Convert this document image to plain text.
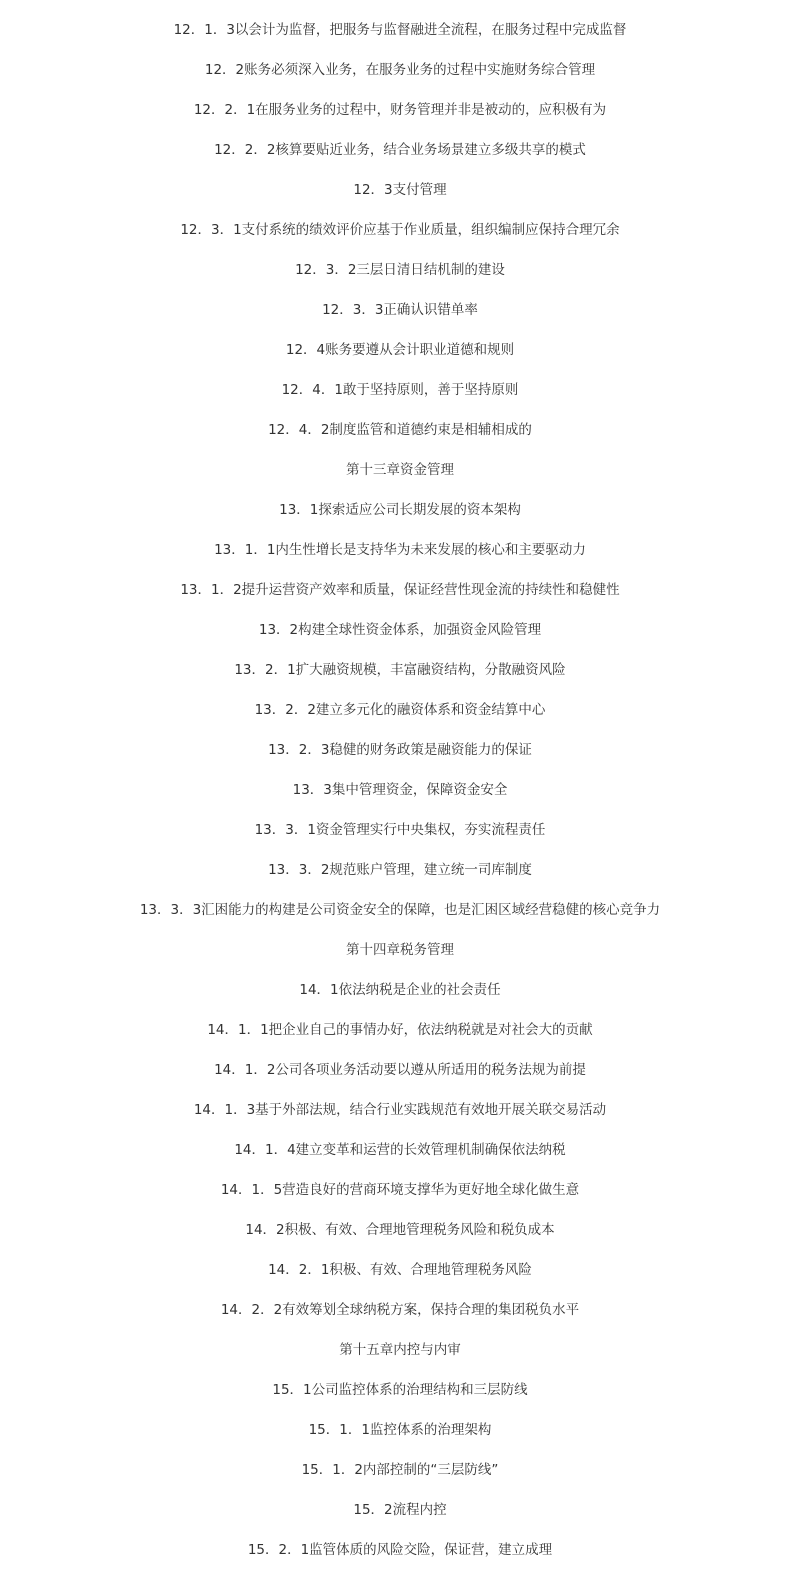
12．1．3以会计为监督，把服务与监督融进全流程，在服务过程中完成监督
12．2账务必须深入业务，在服务业务的过程中实施财务综合管理
12．2．1在服务业务的过程中，财务管理并非是被动的，应积极有为
12．2．2核算要贴近业务，结合业务场景建立多级共享的模式
12．3支付管理
12．3．1支付系统的绩效评价应基于作业质量，组织编制应保持合理冗余
12．3．2三层日清日结机制的建设
12．3．3正确认识错单率
12．4账务要遵从会计职业道德和规则
12．4．1敢于坚持原则，善于坚持原则
12．4．2制度监管和道德约束是相辅相成的
第十三章资金管理
13．1探索适应公司长期发展的资本架构
13．1．1内生性增长是支持华为未来发展的核心和主要驱动力
13．1．2提升运营资产效率和质量，保证经营性现金流的持续性和稳健性
13．2构建全球性资金体系，加强资金风险管理
13．2．1扩大融资规模，丰富融资结构，分散融资风险
13．2．2建立多元化的融资体系和资金结算中心
13．2．3稳健的财务政策是融资能力的保证
13．3集中管理资金，保障资金安全
13．3．1资金管理实行中央集权，夯实流程责任
13．3．2规范账户管理，建立统一司库制度
13．3．3汇困能力的构建是公司资金安全的保障，也是汇困区域经营稳健的核心竞争力
第十四章税务管理
14．1依法纳税是企业的社会责任
14．1．1把企业自己的事情办好，依法纳税就是对社会大的贡献
14．1．2公司各项业务活动要以遵从所适用的税务法规为前提
14．1．3基于外部法规，结合行业实践规范有效地开展关联交易活动
14．1．4建立变革和运营的长效管理机制确保依法纳税
14．1．5营造良好的营商环境支撑华为更好地全球化做生意
14．2积极、有效、合理地管理税务风险和税负成本
14．2．1积极、有效、合理地管理税务风险
14．2．2有效筹划全球纳税方案，保持合理的集团税负水平
第十五章内控与内审
15．1公司监控体系的治理结构和三层防线
15．1．1监控体系的治理架构
15．1．2内部控制的“三层防线”
15．2流程内控
15．2．1监管体质的风险交险，保证营，建立成理
